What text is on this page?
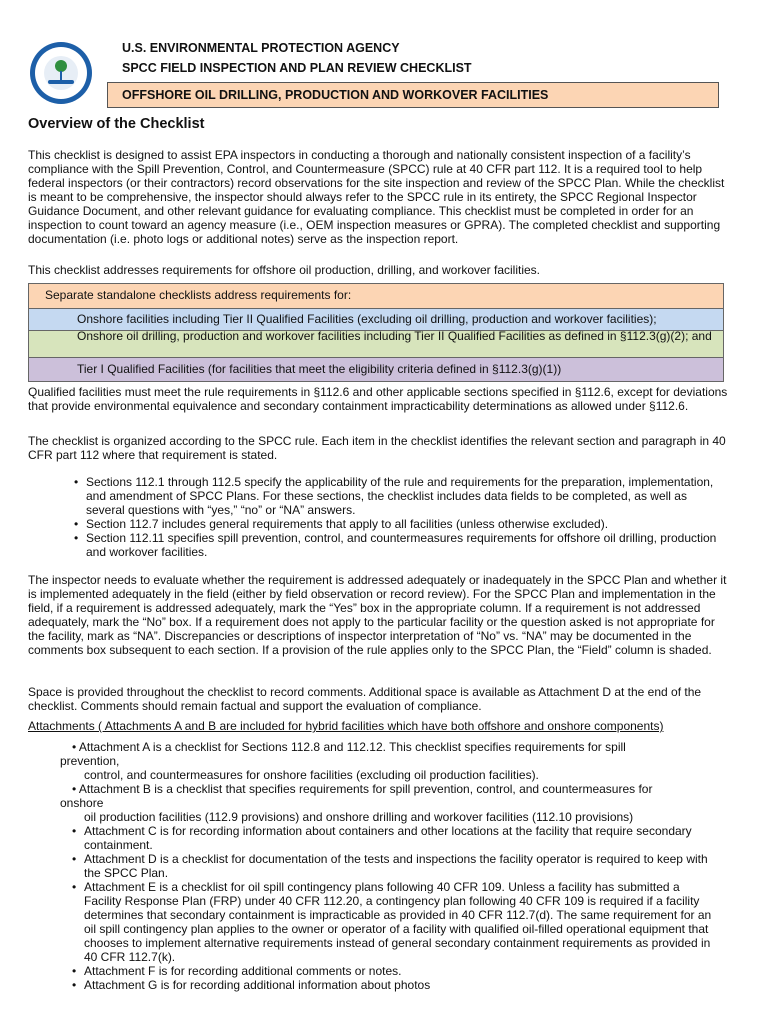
U.S. ENVIRONMENTAL PROTECTION AGENCY
SPCC FIELD INSPECTION AND PLAN REVIEW CHECKLIST
OFFSHORE OIL DRILLING, PRODUCTION AND WORKOVER FACILITIES
Overview of the Checklist

This checklist is designed to assist EPA inspectors in conducting a thorough and nationally consistent inspection of a facility’s compliance with the Spill Prevention, Control, and Countermeasure (SPCC) rule at 40 CFR part 112. It is a required tool to help federal inspectors (or their contractors) record observations for the site inspection and review of the SPCC Plan. While the checklist is meant to be comprehensive, the inspector should always refer to the SPCC rule in its entirety, the SPCC Regional Inspector Guidance Document, and other relevant guidance for evaluating compliance. This checklist must be completed in order for an inspection to count toward an agency measure (i.e., OEM inspection measures or GPRA). The completed checklist and supporting documentation (i.e. photo logs or additional notes) serve as the inspection report.

This checklist addresses requirements for offshore oil production, drilling, and workover facilities.

Separate standalone checklists address requirements for:
Onshore facilities including Tier II Qualified Facilities (excluding oil drilling, production and workover facilities);
Onshore oil drilling, production and workover facilities including Tier II Qualified Facilities as defined in §112.3(g)(2); and
Tier I Qualified Facilities (for facilities that meet the eligibility criteria defined in §112.3(g)(1))

Qualified facilities must meet the rule requirements in §112.6 and other applicable sections specified in §112.6, except for deviations that provide environmental equivalence and secondary containment impracticability determinations as allowed under §112.6.

The checklist is organized according to the SPCC rule. Each item in the checklist identifies the relevant section and paragraph in 40 CFR part 112 where that requirement is stated.

• Sections 112.1 through 112.5 specify the applicability of the rule and requirements for the preparation, implementation, and amendment of SPCC Plans. For these sections, the checklist includes data fields to be completed, as well as several questions with “yes,” “no” or “NA” answers.
• Section 112.7 includes general requirements that apply to all facilities (unless otherwise excluded).
• Section 112.11 specifies spill prevention, control, and countermeasures requirements for offshore oil drilling, production and workover facilities.

The inspector needs to evaluate whether the requirement is addressed adequately or inadequately in the SPCC Plan and whether it is implemented adequately in the field (either by field observation or record review). For the SPCC Plan and implementation in the field, if a requirement is addressed adequately, mark the “Yes” box in the appropriate column. If a requirement is not addressed adequately, mark the “No” box. If a requirement does not apply to the particular facility or the question asked is not appropriate for the facility, mark as “NA”. Discrepancies or descriptions of inspector interpretation of “No” vs. “NA” may be documented in the comments box subsequent to each section. If a provision of the rule applies only to the SPCC Plan, the “Field” column is shaded.

Space is provided throughout the checklist to record comments. Additional space is available as Attachment D at the end of the checklist. Comments should remain factual and support the evaluation of compliance.

Attachments ( Attachments A and B are included for hybrid facilities which have both offshore and onshore components)

• Attachment A is a checklist for Sections 112.8 and 112.12. This checklist specifies requirements for spill

prevention,

control, and countermeasures for onshore facilities (excluding oil production facilities).

• Attachment B is a checklist that specifies requirements for spill prevention, control, and countermeasures for

onshore

oil production facilities (112.9 provisions) and onshore drilling and workover facilities (112.10 provisions)

• Attachment C is for recording information about containers and other locations at the facility that require secondary containment.
• Attachment D is a checklist for documentation of the tests and inspections the facility operator is required to keep with the SPCC Plan.
• Attachment E is a checklist for oil spill contingency plans following 40 CFR 109. Unless a facility has submitted a Facility Response Plan (FRP) under 40 CFR 112.20, a contingency plan following 40 CFR 109 is required if a facility determines that secondary containment is impracticable as provided in 40 CFR 112.7(d). The same requirement for an oil spill contingency plan applies to the owner or operator of a facility with qualified oil-filled operational equipment that chooses to implement alternative requirements instead of general secondary containment requirements as provided in 40 CFR 112.7(k).
• Attachment F is for recording additional comments or notes.
• Attachment G is for recording additional information about photos
